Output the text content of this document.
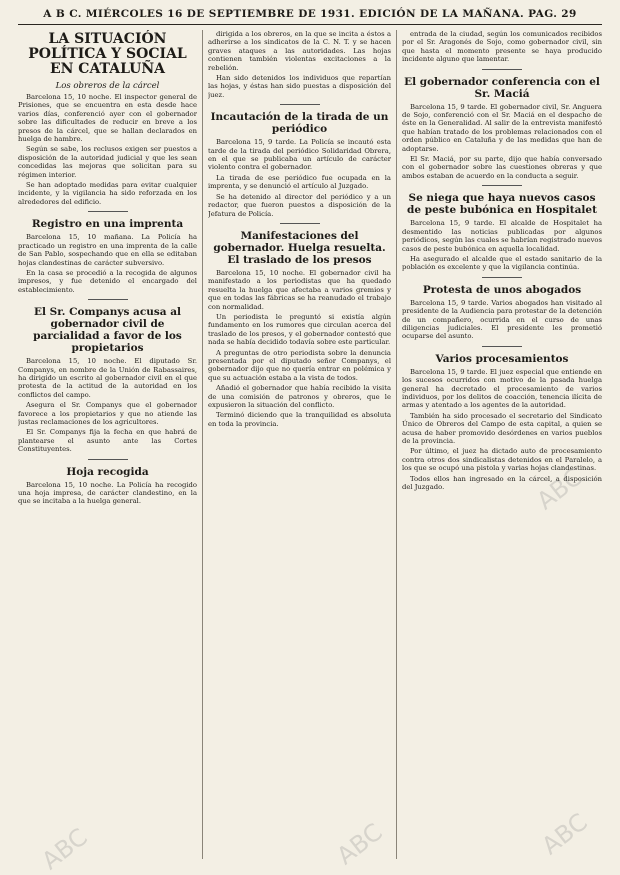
A B C. MIÉRCOLES 16 DE SEPTIEMBRE DE 1931. EDICIÓN DE LA MAÑANA. PAG. 29
LA SITUACIÓN POLÍTICA Y SOCIAL EN CATALUÑA
Los obreros de la cárcel
Barcelona 15, 10 noche. El inspector general de Prisiones, que se encuentra en esta desde hace varios días, conferenció ayer con el gobernador sobre las dificultades de reducir en breve a los presos de la cárcel, que se hallan declarados en huelga de hambre.
Según se sabe, los reclusos exigen ser puestos a disposición de la autoridad judicial y que les sean concedidas las mejoras que solicitan para su régimen interior.
Se han adoptado medidas para evitar cualquier incidente, y la vigilancia ha sido reforzada en los alrededores del edificio.
Registro en una imprenta
Barcelona 15, 10 mañana. La Policía ha practicado un registro en una imprenta de la calle de San Pablo, sospechando que en ella se editaban hojas clandestinas de carácter subversivo.
En la casa se procedió a la recogida de algunos impresos, y fue detenido el encargado del establecimiento.
El Sr. Companys acusa al gobernador civil de parcialidad a favor de los propietarios
Barcelona 15, 10 noche. El diputado Sr. Companys, en nombre de la Unión de Rabassaires, ha dirigido un escrito al gobernador civil en el que protesta de la actitud de la autoridad en los conflictos del campo.
Asegura el Sr. Companys que el gobernador favorece a los propietarios y que no atiende las justas reclamaciones de los agricultores.
El Sr. Companys fija la fecha en que habrá de plantearse el asunto ante las Cortes Constituyentes.
Hoja recogida
Barcelona 15, 10 noche. La Policía ha recogido una hoja impresa, de carácter clandestino, en la que se incitaba a la huelga general.
dirigida a los obreros, en la que se incita a éstos a adherirse a los sindicatos de la C. N. T. y se hacen graves ataques a las autoridades. Las hojas contienen también violentas excitaciones a la rebelión.
Han sido detenidos los individuos que repartían las hojas, y éstas han sido puestas a disposición del juez.
Incautación de la tirada de un periódico
Barcelona 15, 9 tarde. La Policía se incautó esta tarde de la tirada del periódico Solidaridad Obrera, en el que se publicaba un artículo de carácter violento contra el gobernador.
La tirada de ese periódico fue ocupada en la imprenta, y se denunció el artículo al Juzgado.
Se ha detenido al director del periódico y a un redactor, que fueron puestos a disposición de la Jefatura de Policía.
Manifestaciones del gobernador. Huelga resuelta. El traslado de los presos
Barcelona 15, 10 noche. El gobernador civil ha manifestado a los periodistas que ha quedado resuelta la huelga que afectaba a varios gremios y que en todas las fábricas se ha reanudado el trabajo con normalidad.
Un periodista le preguntó si existía algún fundamento en los rumores que circulan acerca del traslado de los presos, y el gobernador contestó que nada se había decidido todavía sobre este particular.
A preguntas de otro periodista sobre la denuncia presentada por el diputado señor Companys, el gobernador dijo que no quería entrar en polémica y que su actuación estaba a la vista de todos.
Añadió el gobernador que había recibido la visita de una comisión de patronos y obreros, que le expusieron la situación del conflicto.
Terminó diciendo que la tranquilidad es absoluta en toda la provincia.
entrada de la ciudad, según los comunicados recibidos por el Sr. Aragonés de Sojo, como gobernador civil, sin que hasta el momento presente se haya producido incidente alguno que lamentar.
El gobernador conferencia con el Sr. Maciá
Barcelona 15, 9 tarde. El gobernador civil, Sr. Anguera de Sojo, conferenció con el Sr. Maciá en el despacho de éste en la Generalidad. Al salir de la entrevista manifestó que habían tratado de los problemas relacionados con el orden público en Cataluña y de las medidas que han de adoptarse.
El Sr. Maciá, por su parte, dijo que había conversado con el gobernador sobre las cuestiones obreras y que ambos estaban de acuerdo en la conducta a seguir.
Se niega que haya nuevos casos de peste bubónica en Hospitalet
Barcelona 15, 9 tarde. El alcalde de Hospitalet ha desmentido las noticias publicadas por algunos periódicos, según las cuales se habrían registrado nuevos casos de peste bubónica en aquella localidad.
Ha asegurado el alcalde que el estado sanitario de la población es excelente y que la vigilancia continúa.
Protesta de unos abogados
Barcelona 15, 9 tarde. Varios abogados han visitado al presidente de la Audiencia para protestar de la detención de un compañero, ocurrida en el curso de unas diligencias judiciales. El presidente les prometió ocuparse del asunto.
Varios procesamientos
Barcelona 15, 9 tarde. El juez especial que entiende en los sucesos ocurridos con motivo de la pasada huelga general ha decretado el procesamiento de varios individuos, por los delitos de coacción, tenencia ilícita de armas y atentado a los agentes de la autoridad.
También ha sido procesado el secretario del Sindicato Único de Obreros del Campo de esta capital, a quien se acusa de haber promovido desórdenes en varios pueblos de la provincia.
Por último, el juez ha dictado auto de procesamiento contra otros dos sindicalistas detenidos en el Paralelo, a los que se ocupó una pistola y varias hojas clandestinas.
Todos ellos han ingresado en la cárcel, a disposición del Juzgado.
ABC	ABC
ABC
ABC
